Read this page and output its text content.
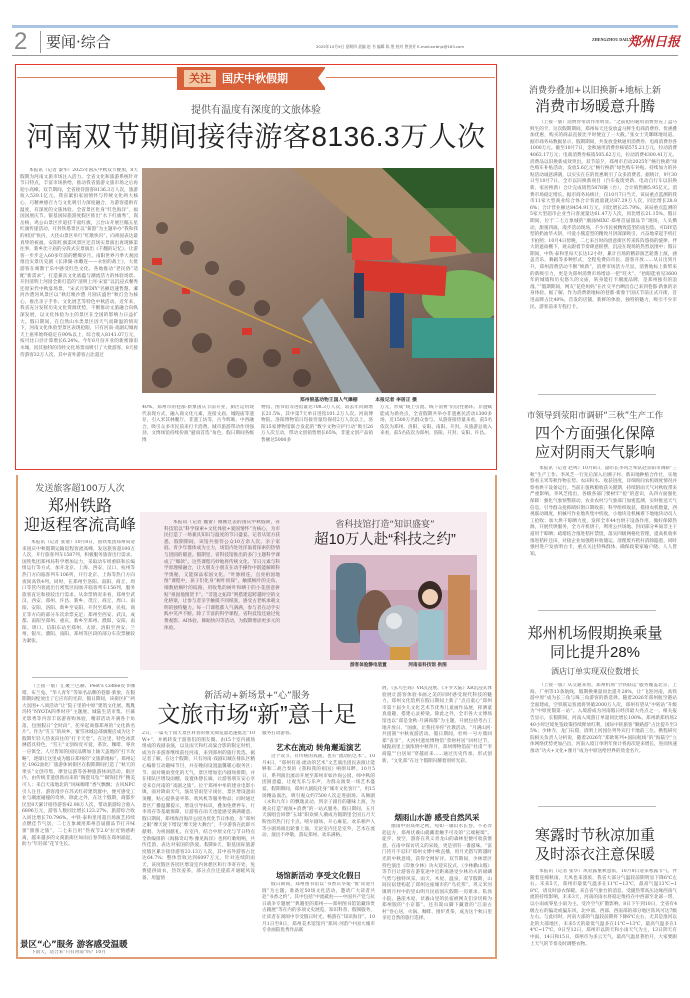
2 要闻·综合	2025年10月9日 星期四 责编 赵 书 编辑 陈 胜 校对 曾劲芳 E-mail:zzrbhjz@163.com
ZHENGZHOU DAILY
郑州日报
关注	国庆中秋假期
提供有温度有深度的文旅体验
河南双节期间接待游客8136.3万人次

本报讯（记者 秦华）2025年国庆中秋双节叠加，8天假期为河南文旅市场注入活力。全省文化和旅游系统针对节日特点，丰富市场供给，推动我省旅游文旅市场之后再迎小高峰。双节期间，全省接待游客8136.3万人次，旅游收入539.1亿元。我省紧扣家国情怀与传统文化两大核心，巧精神感召力与文化吸引力深度融合，为游客提供有温度，有深度的文旅体验。全省景区化身“红色海洋”，福国国展庆节。银基国际旅游度假区推出“水下红旗秀”，嵩岳杨，鸡公山景区步道挂千面红旗，云台山开展巨幅五星红旗传递活动，开封铁塔景区以“菊韵”为主题举办“我和我的祖国”快闪，大伾山景区举行“红歌快闪”，向祖国表达最真挚的祝福。安阳红旗渠风景区还首场实景演出再现修渠往事，新乡比干庙的分段式实景演出《千翻的记忆》，让游客一步步走入60多年前的燃爆岁月。南阳世界月季大观园推出实景历史剧《长津湖·冰雕连——永恒的战士》，大批游客在寓教于乐中感受红色文化。各地推动“老民俗”适配“新需求”，打造兼具文化底蕴与潮流活力的体验场景。开封清明上河园全新打造的“清明上河·宋宴”以沉浸式餐秀还原宋代中秋宴场景，“宋式月饼DIY”名额迅速售罄。漯河沙澧河风景区以“秋灯映沙澧 月圆庆盛世”秋灯会为核心，推出亲子手作、文化展艺等特色中秋活动。近年来，我省充分发挥历史文化资源优势，不断推动文旅融合向纵深发展，以文化体验为主的景区在全国的影响力日益扩大。假日期间，在自然山水类景区因天气而降温的情况下，河南文化体验型景区表现抢眼，只有河南·戏剧幻城再天上座率始终稳定在90%以上，综合收入8141.07万元，按可比口径计算增长6.24%。今年6月份开业的新密溱洧水城，因其独特的诗经文化场景而吸引了大批游客，8天接待游客32万人次，其中省外游客占比超过

郑州银基动物王国人气爆棚	本报记者 李居正 摄

40%。郑州市的巷都·新象国庆节前开业，街区运用现代表现方式，融入商文化元素，连接文庙、城隍庙等遗存，引入米其林餐厅、非遗工坊等，古今辉映、中西融合，吸引众多市民前来打卡消费。城市旅游带动作用强劲。文博场馆持续扮演“避雨首选”角色，假日期间各级博

物馆、图书馆等进馆量达708.3万人次，较去年同期增长21.5%，其中第7天单日进馆101.2万人次。河南博物院、洛阳博物馆日均接待量均保持2万人次以上。洛阳15家博物馆联合发起的“数字文物守护行动”吸引26万人次互动，带动文创销售增长65%，非遗文创产品销售额达5000多

万元，形成“线上引流、线下消费”的良性循环。非遗赋能成为新亮点，全省假期共举办非遗惠民活动1300多场，近1500万名群众参与。从游客接待量来看，前5名依次为郑州、洛阳、安阳、南阳、开封。从旅游总收入来看，前5名依次为郑州、洛阳、开封、安阳、许昌。

消费券叠加+以旧换新+地标上新
消费市场暖意升腾

（上接一版）消费券带动作用明显。“之前抢的通用消费券充了盒马鲜生的卡，这次假期期间，郑州每天还发放盒马鲜生电商消费券，优惠叠加优惠，购买的商品直接比平时便宜了一大截。”张女士笑眯眯地说道。据市商务局数据显示，假期期间，共发放金秋通用消费券、电商消费券各1000万元。截至10月7日，金秋通用消费券核销575.21万元，拉动消费4063.17万元；电商消费券核销505.62万元，拉动消费4300.41万元。消费品以旧换新成效突出。双节前夕，郑州市启动2025年“畅行换新”绿色购车补贴活动，发放5.6亿元“畅行换新”绿色购车补贴。持续加力的补贴活动诚意满满，以实实在在的优惠吸引了众多消费者。据统计，9月30日至10月7日，全市以旧换新项目（汽车报废更新、电动自行车以旧换新、家居换新）合计完成销售5878辆（台），合计销售额5.95亿元。消费市场稳定增长。据市商务局统计，仅10月7日当天，该局重点监测的我市11家大型商业综合体合计客流量就达87.29万人次，同比增长28.86%；合计营业额达8454.91万元，同比增长25.79%。该局重点监测的5家大型超市企业当日客流量达61.47万人次，同比增长21.15%。假日期间，位于二七万象城的“潮涌MIXC·郑州首届甜品节”现场，人头攒动，甜蜜四溢，漫步活动现场，不少市民被精致造型的南包馅、可DIY造型的奶油华夫饼、可爱小熊造型的精致月饼深深吸引，兴奋地拿起手机打卡拍照；10月4日傍晚，二七来吕时尚创意街区传来阵阵悠扬的旋律，伴大的遮雨棚下，观众跟着节奏肆意摇摆，沉浸在现场的热烈氛围中；假日期间，中铁·泰和里每天长达12小时，累计百场的精彩演艺轮番上演，涵盖音乐、舞蹈等多种形式，全程免费向市民、游客开放……从日出到月升，郑州消费活动不断“焕新”，消费市场活力尽显。消费地标上新带来的新吸引力，更是为郑州消费市场增添一把“旺火”。“抬眼能看见3600年的城墙和历史悠久的文庙，转身能打卡潮流品牌，是郑州独有的浪漫。”“假期期间，网友“花伦妈妈”在社交平台晒出自己来到巷都·新象的亲身体验。据了解，作为消费新地标的巷都·新象于国庆节前正式开街，首进品牌占比40%。首发的店铺、新鲜的体验、独特的魅力，吸引不少市民、游客前来专程打卡。

市领导到荥阳市调研“三秋”生产工作
四个方面强化保障
应对阴雨天气影响

本报讯（记者 赵鸣）10月8日，副市长李风芝率队赴荥阳市调研“三秋”生产工作。李风芝一行先后深入后圃子村、新田地种植合作社，实地察看玉米等秋作物长势、农田积水、收获进度，详细询问农机调度情况并察看烘干设备运行。当前正值秋粮收获关键期，持续阴雨天气对秋收带来严重影响。李风芝指出，各级各部门要树牢“抢”的意识，从四方面强化保障：强化气象预警联动，农业农村与气象部门加密监测，实时推送天气信息，引导群众抢抓晴好窗口期收获；科学组织收获，摸排农机数量，西视联动调度，机械可作业地块集中机收，小地块及机械难下地地块动员人工抢收；加大烘干晾晒力度，发挥全市44台烘干设备作用，做好保障热源，开展代烘服务，全力开机烘干，利用公共场地、封闭部分乡间非主干道用于晾晒；疏堵结合推进秸秆禁烧，落实四级网格化管理，提高机收率推进秸秆还田，对接企业加强秸秆收储运，清理废弃秸秆消除隐患，同时强村进户发放明白卡，重点关注特殊群体，确保政策家喻户晓、人人皆知。

郑州机场假期换乘量
同比提升28%
酒店订单实现双位数增长

（上接一版）从交通来看，郑州机场“空铁联运”服务覆盖北京、上海、广州等13条航线，假期换乘量同比提升28%，让“飞进河南，高铁游中原”成为长三角与珠三角游客的新选择。随着2026年郑州航空港站全面建成，空铁联运客流将突破2000万人次，郑州有望从“中转站”升级为“中原度假第一站”。入境游成为河南假日经济最大亮点之一。相关报告显示，长假期间，河南入境游订单量同比增长100%。郑州新郑机场240小时过境免签政策持续释放红利，国际中转旅客“顺路游”占比提升至35%；少林寺、龙门石窟、清明上河园位列外宾打卡地前三位。携程研究院相关负责人分析说，随着2026年“郑欧班列+国际航线”的“海陆空”立体网络优势更加凸出，河南入境订单明年预计将再次迎来增长，进而快速推动“功夫+文化+豫月”成为中原送给世界的烫金名片。

寒露时节秋凉加重
及时添衣注意保暖

本报讯（记者 张华）风轻露重秋意浓，10月8日迎来寒露节气。伴随着连绵秋雨，天凤也来凑浓，我省大部分气温较前期明显下降6℃左右。未来5天，郑州市最低气温多在11℃~13℃，最高气温13℃~18℃，请及时添衣保暖。来自省气象台的消息，受副热带高压边缘西南气流的持续影响，未来3天，河南的雨水将稳定维持在中西部至北部一带，以小雨或零星小雨为主。受冷空气扩散影响，8日下午到10日，全省有4级左右的偏北或偏东风，北中部、西部、西南部的部分地区阵风可达7级左右。与此同时，河南大部的气温较前期将下降6℃左右，尤其是淮河以北的大部地区，未来5天的最低气温多在11℃~13℃，最高气温多在14℃~17℃。9日至12日，郑州市以阴天和小雨天气为主，13日阴天有中雨，14日和15日，郑州市为多云天气，最高气温显著抬升，大家要跟上天气的节奏及时调整衣物。

发送旅客超100万人次
郑州铁路
迎返程客流高峰

本报讯（记者 张倩）10月8日，国铁集团郑州局迎来国庆中秋假期运输返程客流高峰，发送旅客超100万人次，开行旅客列车1587列，积极服务旅客出行需求。国铁集团郑州局科学增加运力，采取动车组重联和长编组运行等方式，加开北京、上海、西安、汉口、杭州等热门方向临客列车106列，开行北京、上海等热门方向夜间高铁4列。同时，在郑州至洛阳、南阳、商丘、周口等管内客流出行密集区间加开临客列车156列，服务旅客直达和接驳出行需求。从余票情况来看，郑州至武汉、西安、郑州、许昌、新乡、茂丘、商丘、周口、南阳、安阳、洛阳、新乡至安阳、开封至郑州、民权、商丘等方向的部分车次余票充足；郑州至西安、武汉、成都、南阳至郑州、重庆、新乡至郑州、濮阳、安阳、南阳、周口、信阳东站至郑州、太原、洛阳至西安、兰州、银川、濮阳、南阳、郑州等区段的部分车次票额较为紧张。

本报讯（记者 魏蕾）刚刚过去的国庆中秋假期，省科技馆以“科学探索+文化体验+爱国情怀”为核心，为市民打造了一场兼具知识与温度的节日盛宴。记者从馆方获悉，假期期间，该馆共接待公众10万余人次，亲子家庭、青少年群体成为主力，场馆内处处洋溢着探索的热情与团圆的暖意。假期里，省科技馆推出的多门主题科学课成了“爆款”。这些课程巧妙地将传统文化、节日元素与科学原理相融合，让大朋友小朋友在动手操作中既能解锁科学奥秘，又能探品家国文化。“叶脉相连，点亮祖国地图”课程中，孩子们化身“树叶侦探”，触摸枫叶的尖角、细数梧桐叶的纹路，用收集的树叶和晒干的小花创意拼贴“祖国地图贺卡”。“非遗之拓印”则搭建起跨越时空的文化桥梁，让参与者亲手触摸不同纸张，感受古老纸承载文明的独特魅力。每一门课程都人气满满，参与者在动手实践中笑声不断。除了丰富的科学课程，省科技馆还通过免费观影、AI体验、舞蹈快闪等活动，为假期增添更多元的体验。

省科技馆打造“知识盛宴”
超10万人赴“科技之约”
游客体验静电装置	河南省科技馆 供图

（上接一版）汇聚兰巴赫、Peet's Coffee皮爷咖啡、布兰兔、“华人青年”等知名品牌的巷都·新象，在假期期间绽放出了它应有的光彩。假日期间，该街区扩“两大氛围+八项活动”让“院子里的中原”建筑文化展、胤胤玛特“NYOTA四季时序”主题展、城陆生活市集、巨幕光影秀等内容丰富游客购体验，精彩活动开满各个角落，包围假日“全时段”，托举起商都郑州的“文化新名片”。作为“雪王”的故乡，蜜雪冰城总部旗舰店成为这个假期年轻人热衷向往的“打卡天堂”。在这里，特色冰淇淋搭具特色，“雪王”文创纷皮可爱，茶饮、咖啡、零食一应俱全，人尽皆知的国民品牌加上轴天盖地的“打卡攻略”，逐渐让这里成为假日郑州的“文旅新地标”。郑州记忆·1962油化厂旅游休闲街区在假期期间打造了“秋天的果实”文创市集，摩登运游等各种旅游休闲活动。街区内，由传统非遗创新而来的“陶瓷耳坠”“铜饰挂件”精美可人；来自天南地北的“风味咖啡”香气飘飘；古风NPC引人注目，游客漫步在苏式红砖建筑群中，便可感受工业与潮流碰撞的奇妙。除此之外，在这个假期，商都步民里8天累计接待游客42.98万人次，带动旅游综合收入6896万元，游客人数同比增长123.27%，旅游综合收入同比增长70.796%。中铁·泰和里用超百场演艺持续点燃佳节气氛，二七万象城用郑州首届甜品节打开味蕾“甜蜜之旅”，二七来吕用“热夜节2.0”拉近情感距离，越来越多的文商旅街区如雨后春笋般在郑州涌起，助力“年轻郑”花节生长。

景区“心”服务 游客感受温暖

下雨天，适合来“只有河南”吗？10月

新活动+新场景+“心”服务
文旅市场“新”意十足

2日，一篇关于雨天景区科普的推文阅览量迅速抵达“10W+”，并被转发于游客们的朋友圈。由15个室内剧场组成的戏剧表演，以及雨天和红高粱合影的限定时机，成为许多游客继续前往河南，来到郑州的旅行优选。据记者了解，在这个假期，只有河南·戏剧幻城在排队区精心编排互动趣味节目，并在晚间设置温馨暖心服务区；节，面对晴雨变化的天气，景区增加室内剧场排期，并在排队区增设雨棚，设置休憩长廊，让游客朋友安心享受来自河南的“戏剧之旅”。位于郑州中牟的建业电影小镇，面对降雨天气，演员冒雨坚守岗位，景区增设遮雨顶棚，贴心提供姜枣茶、吹风机等服务物品；同时通过景区广播温馨提示，增设引导标识，叠加免费停车、行李寄存等基础保障，让游客在雨天也能感受满满暖意。假日期间，郑州海昌海洋公园为优化节日体验，在“郑州之眼”摩天轮下增设“摩天轮大舞台”，不少游客在此即兴献唱，为祖国献礼。在室内，结合中原文化与节日特点全新编排的《海豚奇幻秀·豫见海洋》也将红歌唱响，共传佳韵，表达对家国的热爱。假期8天，银基国际旅游度假区累计接待游客33.13万人次，其中省外游客占比达64.7%；整体营收达到6097万元。针对连续阴雨天，该度假区各园区增设室内休憩区和行李寄存处，免费提供雨衣，热饮姜茶，部分点位还提前开通暖风设备，用温情

服务打动游客。

艺术在流动 转角邂逅演艺

这个双节，有传统的戏剧，也有“流动的艺术”。10月4日，“郑州有戏·流动的艺术”文艺演出团民表演让能够和二胡合奏的《我和我的祖国》响彻耳畔。10月5日，系列演出流动开展至郑州市如沙岗公园，师中秋的团圆意蕴，让观光乐与乐声，为群众演奏一场艺术盛宴。假期期间，郑州大剧院化身“城市文化客厅”，用15场精品演出，吸引观众约7500人次走进剧场。从舞剧《永和九年》的飘逸灵动，到亲子剧目的趣味上演，为观众打造“观演+消费”的一站式服务。假日期间，五月天演唱会回馈“五球”阳欢娱人潮成为假期里全国五月天粉丝的热门打卡点。嘻尔剧场、开心麻花、欢乐相声人等小剧场演出轮番上演，无论室内还是室外，艺术在流动，演出不停歇，游玩郑州、欢乐满格。

场馆新活动 享受文化假日

假日期间，郑州图书馆以“书香庆华诞·‘悦’读迎月圆”为主题，准备近50场文化活动，邀请广大读者共赴“书香之约”。其中包括“中流砥柱——中国共产党与抗日战争专题展”“典籍里的郑州——郑州图书馆馆藏珍贵古籍展”等在内的多项文史展览，知识科普、假阅服务，让读者在浏阅中享受假日时光，畅游在“知识海洋”。10月1日至8日，郑州美术馆馆内“郑风·河韵”中国大城市专业画院优秀作品联

展、《玄鸟生商》VR沉浸展、《斗罗大陆》XR沉浸式体验展让游客体验书画之美的同时感受现代科技的魅力。郑州文化馆则在假日期间上新了“点点童心”郑州市第十届少儿文化艺术节优秀儿童画作品展，挥洒童真童趣，搭建心灵桥梁。除此之外，全市各大文博场馆也以“郑是金秋·月满商都”为主题，开展包括考古工地开放日、“国旗，让我托举你”社教活动、“月满山河·共团圆”中秋夜游活动。假日期间，杜岭一号方鼎回郑“省亲”，大河村遗址博物馆“荥财村居”回村过节，城隍庙里上演浓情中秋拜月，郑州博物馆前“杜甫”“李商隐”“白居易”穿越而来……通过历史传承、形式创新，“文化郑”在这个假期闪耀着别样光彩。

烟雨山水游 感受自然风采

烟雨中的郑州之秋，宛如一轴山水长卷。不必奔赴远方，郑州伏羲山就藏着触手可及的“云端秘境”。徒步、放空，游客在巩义青龙山的森林里便可收获惬意。在南中探访巩义的宋陵，更是别有一番滋味。“富门待月不忍归”郑州文博中秋直播，用月光搭写跨越时光的中秋意境，获得全网好评。双节期间，少林景区特色演出《印象少林》功夫迎宾仪式、《少林勤山假》等节目让游客在游览途中近距离感受少林功夫的磅礴气势与独特风采。雨天、木屋、温泉，双节假期，山间民宿建构起了郑州这座城市的“乌托邦”。巩义米河镇明月村中的里山明月民宿国庆假期一房难求。私汤小院、悬崖木屋、伏羲山里的民宿被网友们亲切称为郑州版的“小京都”。还有嵩山脚下藏着的“江南古村”卷心居，火锅、咖啡、围炉煮茶，成为这个秋日里亲近自然的旅行选择。
